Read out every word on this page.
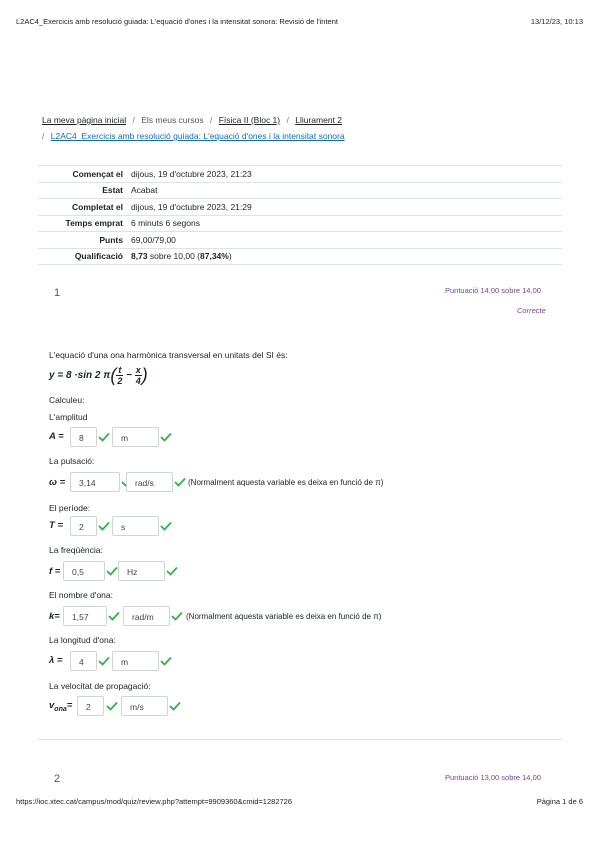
L2AC4_Exercicis amb resolució guiada: L'equació d'ones i la intensitat sonora: Revisió de l'intent	13/12/23, 10:13
La meva pàgina inicial / Els meus cursos / Física II (Bloc 1) / Lliurament 2
/ L2AC4_Exercicis amb resolució guiada: L'equació d'ones i la intensitat sonora
Començat el	dijous, 19 d'octubre 2023, 21:23
Estat	Acabat
Completat el	dijous, 19 d'octubre 2023, 21:29
Temps emprat	6 minuts 6 segons
Punts	69,00/79,00
Qualificació	8,73 sobre 10,00 (87,34%)
1	Puntuació 14,00 sobre 14,00
Correcte
L'equació d'una ona harmònica transversal en unitats del SI és:
y = 8 ·sin 2 $\pi( \frac{t}{2} - \frac{x}{4}$ )
Calculeu:
L'amplitud
A =	8	m
La pulsació:
ω =	3,14	rad/s	(Normalment aquesta variable es deixa en funció de π)
El període:
T =	2	s
La freqüència:
f =	0,5	Hz
El nombre d'ona:
k=	1,57	rad/m	(Normalment aquesta variable es deixa en funció de π)
La longitud d'ona:
λ =	4	m
La velocitat de propagació:
$v_{ona}=$	2	m/s
2	Puntuació 13,00 sobre 14,00
https://ioc.xtec.cat/campus/mod/quiz/review.php?attempt=9909360&cmid=1282726	Pàgina 1 de 6
